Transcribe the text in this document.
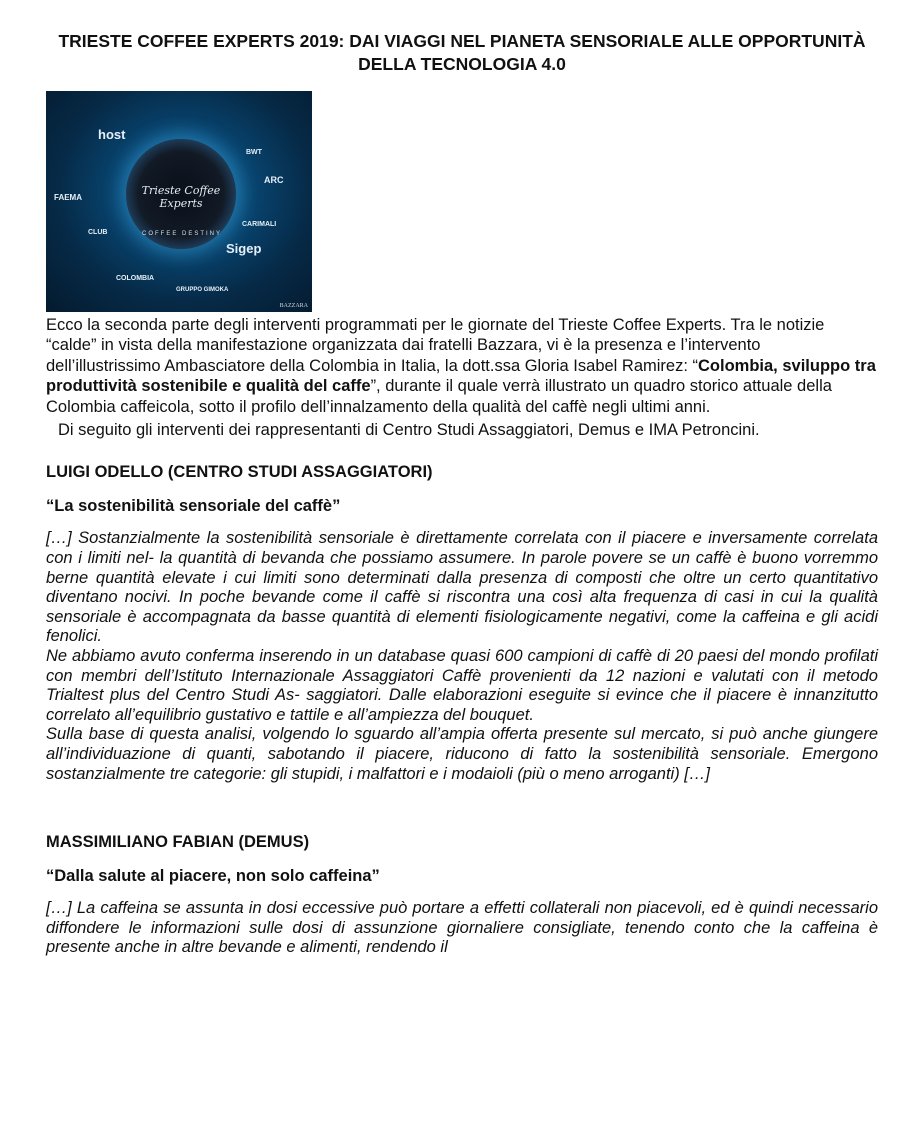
TRIESTE COFFEE EXPERTS 2019: DAI VIAGGI NEL PIANETA SENSORIALE ALLE OPPORTUNITÀ DELLA TECNOLOGIA 4.0
host
FAEMA
BWT
ARC
CARIMALI
Sigep
CLUB
COLOMBIA
GRUPPO GIMOKA
Trieste Coffee Experts
COFFEE DESTINY
BAZZARA

Ecco la seconda parte degli interventi programmati per le giornate del Trieste Coffee Experts. Tra le notizie “calde” in vista della manifestazione organizzata dai fratelli Bazzara, vi è la presenza e l’intervento dell’illustrissimo Ambasciatore della Colombia in Italia, la dott.ssa Gloria Isabel Ramirez: “Colombia, sviluppo tra produttività sostenibile e qualità del caffe”, durante il quale verrà illustrato un quadro storico attuale della Colombia caffeicola, sotto il profilo dell’innalzamento della qualità del caffè negli ultimi anni.

Di seguito gli interventi dei rappresentanti di Centro Studi Assaggiatori, Demus e IMA Petroncini.

LUIGI ODELLO (CENTRO STUDI ASSAGGIATORI)
“La sostenibilità sensoriale del caffè”

[…] Sostanzialmente la sostenibilità sensoriale è direttamente correlata con il piacere e inversamente correlata con i limiti nel- la quantità di bevanda che possiamo assumere. In parole povere se un caffè è buono vorremmo berne quantità elevate i cui limiti sono determinati dalla presenza di composti che oltre un certo quantitativo diventano nocivi. In poche bevande come il caffè si riscontra una così alta frequenza di casi in cui la qualità sensoriale è accompagnata da basse quantità di elementi fisiologicamente negativi, come la caffeina e gli acidi fenolici.

Ne abbiamo avuto conferma inserendo in un database quasi 600 campioni di caffè di 20 paesi del mondo profilati con membri dell’Istituto Internazionale Assaggiatori Caffè provenienti da 12 nazioni e valutati con il metodo Trialtest plus del Centro Studi As- saggiatori. Dalle elaborazioni eseguite si evince che il piacere è innanzitutto correlato all’equilibrio gustativo e tattile e all’ampiezza del bouquet.

Sulla base di questa analisi, volgendo lo sguardo all’ampia offerta presente sul mercato, si può anche giungere all’individuazione di quanti, sabotando il piacere, riducono di fatto la sostenibilità sensoriale. Emergono sostanzialmente tre categorie: gli stupidi, i malfattori e i modaioli (più o meno arroganti) […]

MASSIMILIANO FABIAN (DEMUS)
“Dalla salute al piacere, non solo caffeina”

[…] La caffeina se assunta in dosi eccessive può portare a effetti collaterali non piacevoli, ed è quindi necessario diffondere le informazioni sulle dosi di assunzione giornaliere consigliate, tenendo conto che la caffeina è presente anche in altre bevande e alimenti, rendendo il
